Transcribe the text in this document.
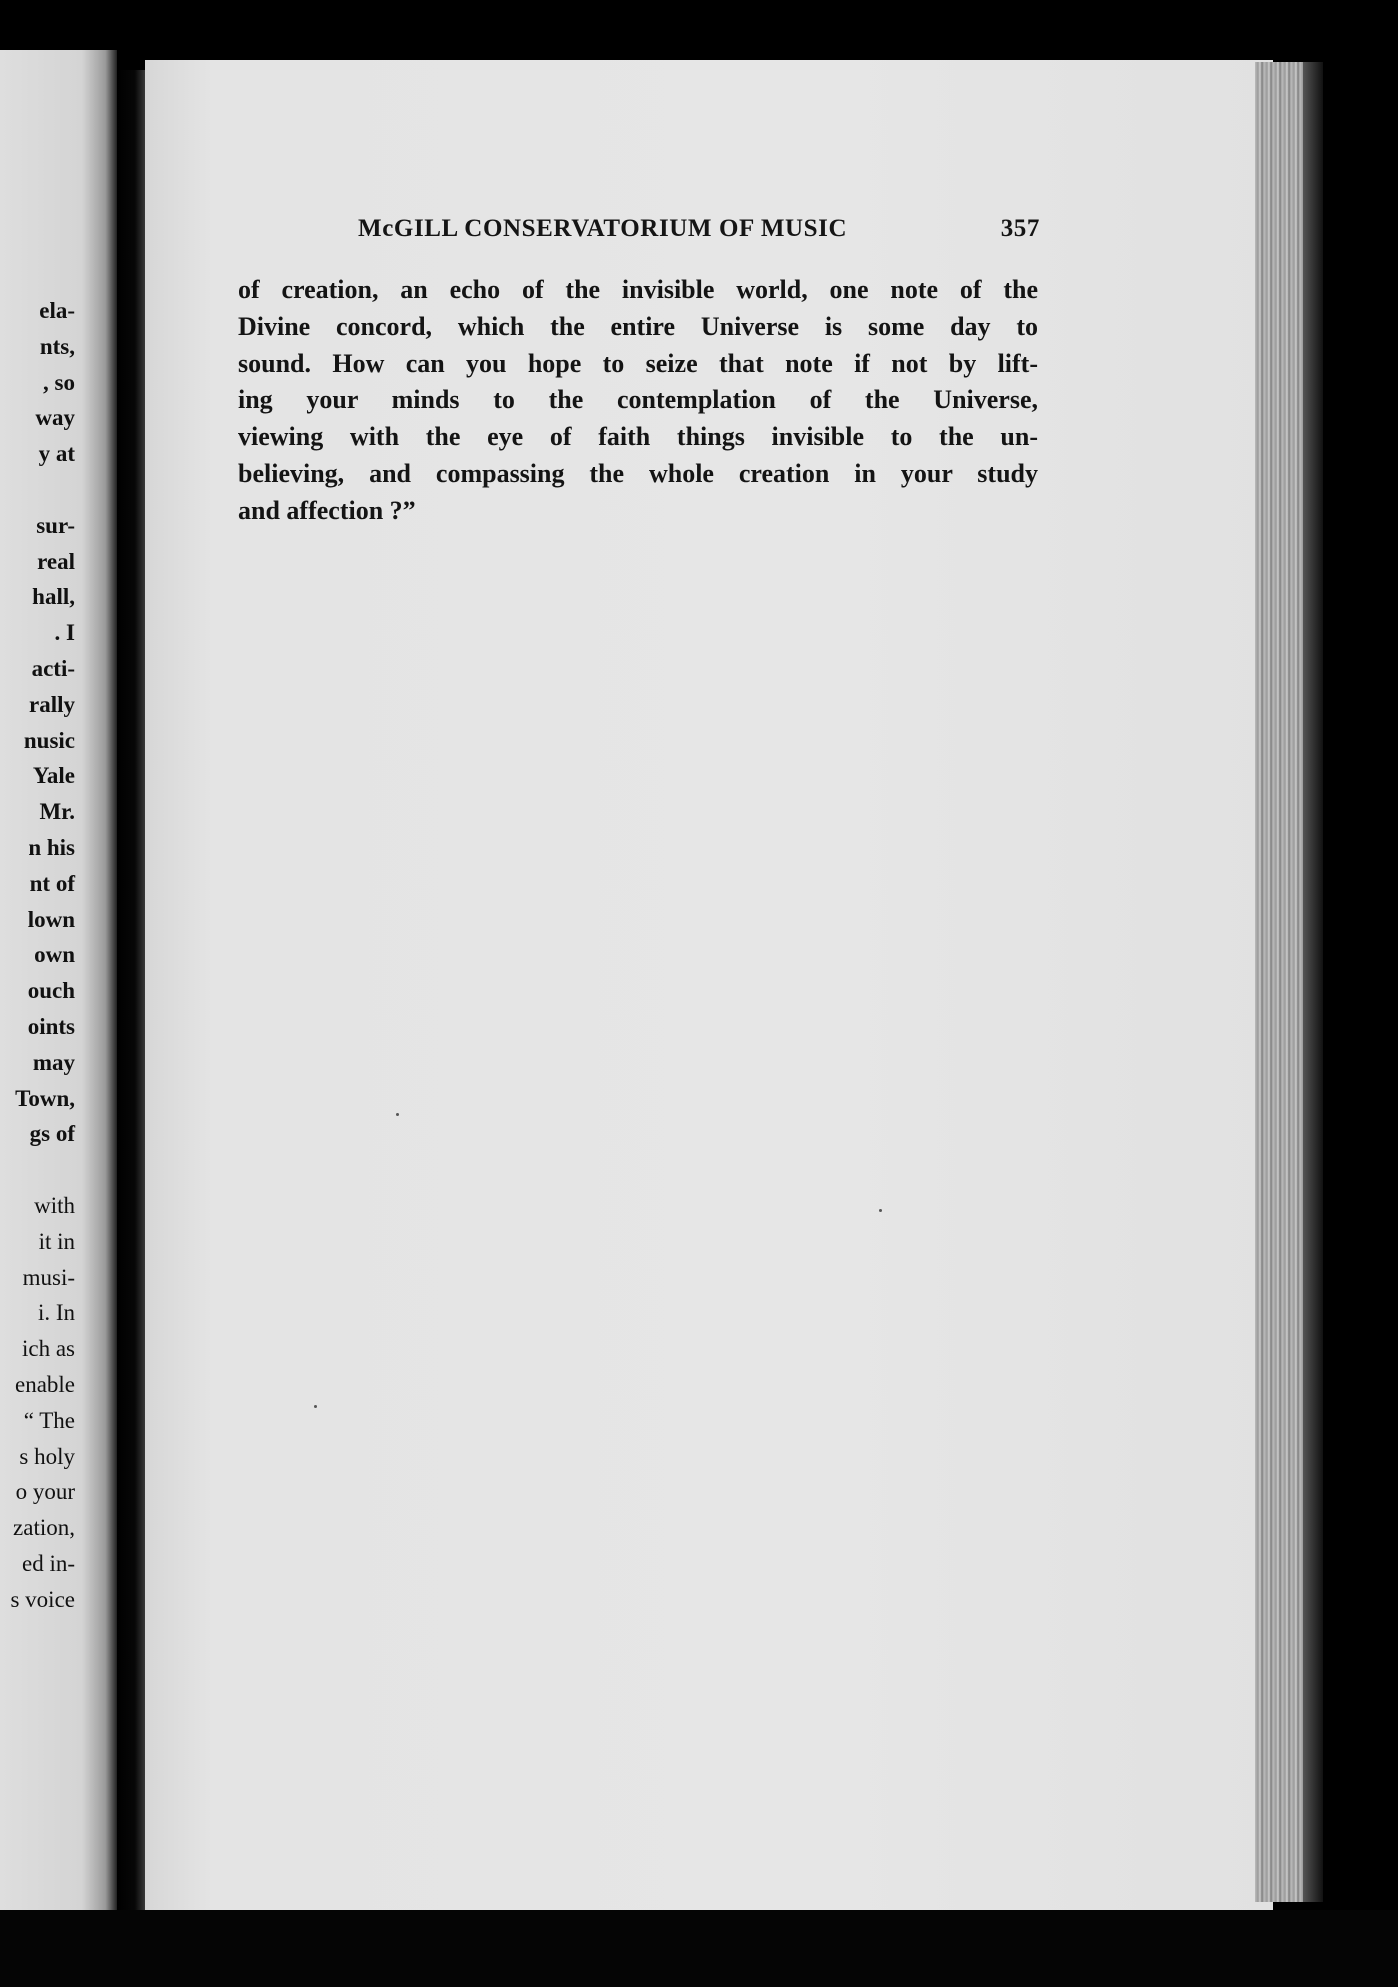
ela-
nts,
, so
way
y at
sur-
real
hall,
. I
acti-
rally
nusic
Yale
Mr.
n his
nt of
lown
own
ouch
oints
may
Town,
gs of
with
it in
musi-
i. In
ich as
enable
“ The
s holy
o your
zation,
ed in-
s voice
McGILL CONSERVATORIUM OF MUSIC	357
of creation, an echo of the invisible world, one note of the
Divine concord, which the entire Universe is some day to
sound. How can you hope to seize that note if not by lift-
ing your minds to the contemplation of the Universe,
viewing with the eye of faith things invisible to the un-
believing, and compassing the whole creation in your study
and affection ?”
